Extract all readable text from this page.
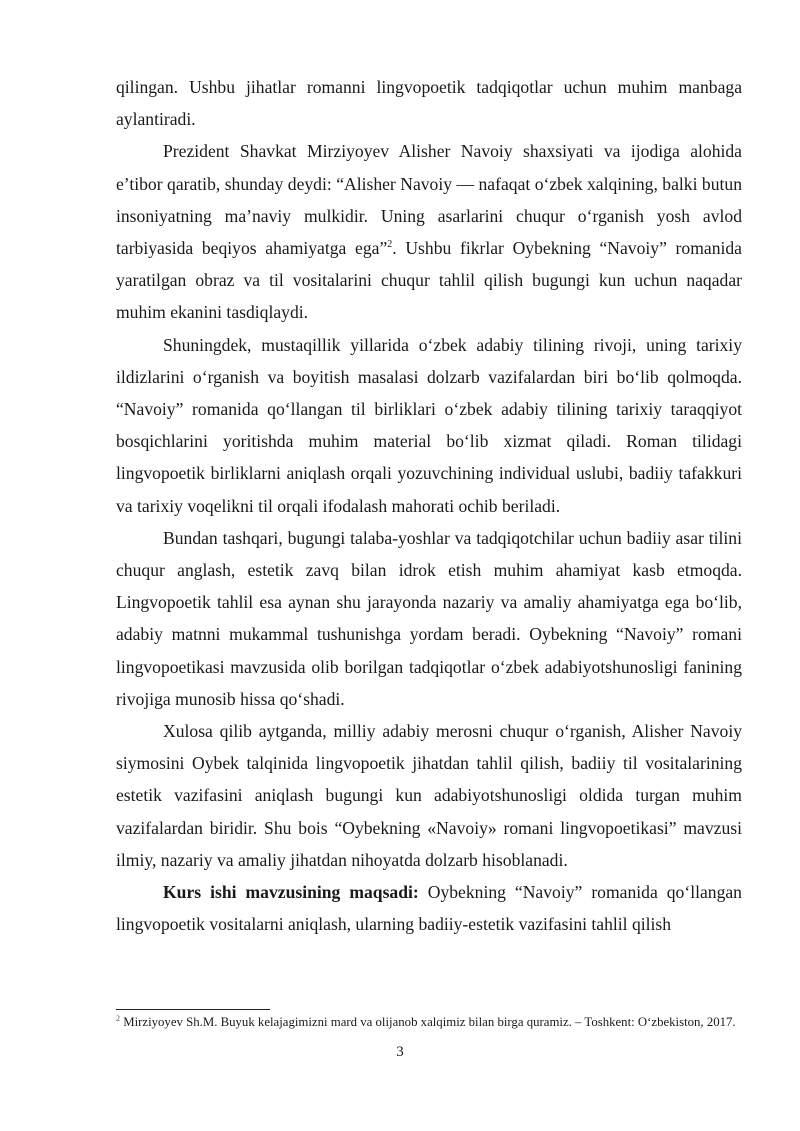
qilingan. Ushbu jihatlar romanni lingvopoetik tadqiqotlar uchun muhim manbaga aylantiradi.

Prezident Shavkat Mirziyoyev Alisher Navoiy shaxsiyati va ijodiga alohida e’tibor qaratib, shunday deydi: “Alisher Navoiy — nafaqat o‘zbek xalqining, balki butun insoniyatning ma’naviy mulkidir. Uning asarlarini chuqur o‘rganish yosh avlod tarbiyasida beqiyos ahamiyatga ega”$^2$. Ushbu fikrlar Oybekning “Navoiy” romanida yaratilgan obraz va til vositalarini chuqur tahlil qilish bugungi kun uchun naqadar muhim ekanini tasdiqlaydi.

Shuningdek, mustaqillik yillarida o‘zbek adabiy tilining rivoji, uning tarixiy ildizlarini o‘rganish va boyitish masalasi dolzarb vazifalardan biri bo‘lib qolmoqda. “Navoiy” romanida qo‘llangan til birliklari o‘zbek adabiy tilining tarixiy taraqqiyot bosqichlarini yoritishda muhim material bo‘lib xizmat qiladi. Roman tilidagi lingvopoetik birliklarni aniqlash orqali yozuvchining individual uslubi, badiiy tafakkuri va tarixiy voqelikni til orqali ifodalash mahorati ochib beriladi.

Bundan tashqari, bugungi talaba-yoshlar va tadqiqotchilar uchun badiiy asar tilini chuqur anglash, estetik zavq bilan idrok etish muhim ahamiyat kasb etmoqda. Lingvopoetik tahlil esa aynan shu jarayonda nazariy va amaliy ahamiyatga ega bo‘lib, adabiy matnni mukammal tushunishga yordam beradi. Oybekning “Navoiy” romani lingvopoetikasi mavzusida olib borilgan tadqiqotlar o‘zbek adabiyotshunosligi fanining rivojiga munosib hissa qo‘shadi.

Xulosa qilib aytganda, milliy adabiy merosni chuqur o‘rganish, Alisher Navoiy siymosini Oybek talqinida lingvopoetik jihatdan tahlil qilish, badiiy til vositalarining estetik vazifasini aniqlash bugungi kun adabiyotshunosligi oldida turgan muhim vazifalardan biridir. Shu bois “Oybekning «Navoiy» romani lingvopoetikasi” mavzusi ilmiy, nazariy va amaliy jihatdan nihoyatda dolzarb hisoblanadi.

Kurs ishi mavzusining maqsadi: Oybekning “Navoiy” romanida qo‘llangan lingvopoetik vositalarni aniqlash, ularning badiiy-estetik vazifasini tahlil qilish

$^2$ Mirziyoyev Sh.M. Buyuk kelajagimizni mard va olijanob xalqimiz bilan birga quramiz. – Toshkent: O‘zbekiston, 2017.
3
